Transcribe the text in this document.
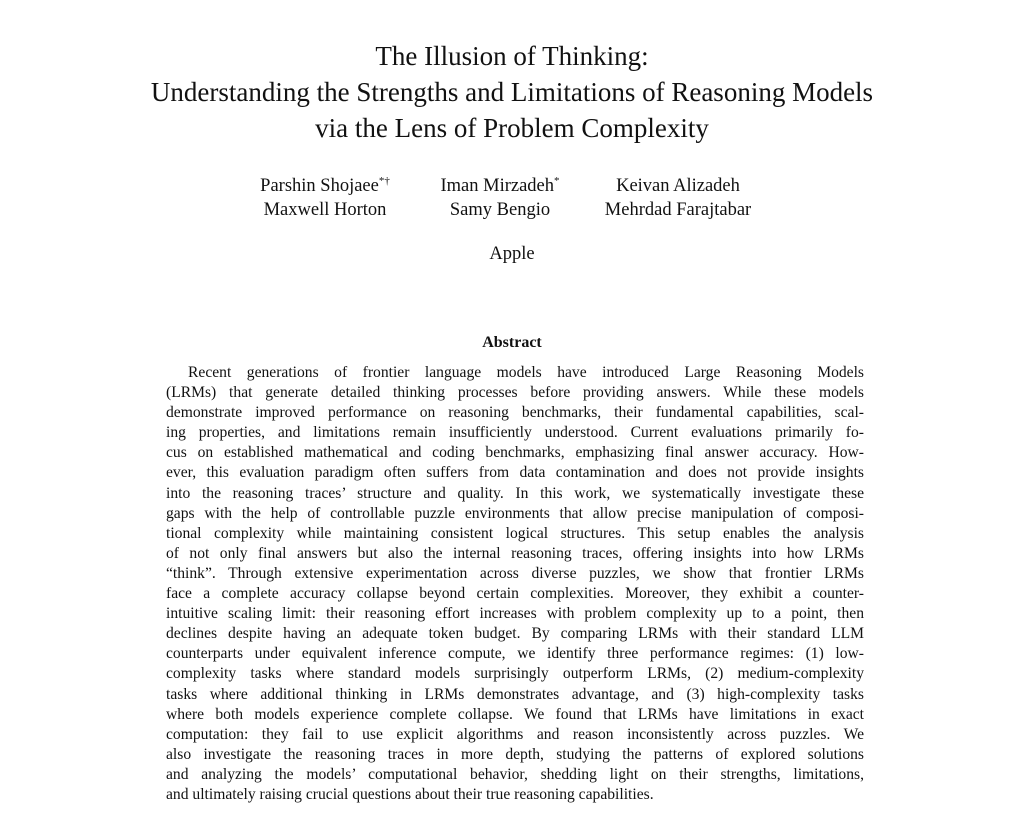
The Illusion of Thinking:
Understanding the Strengths and Limitations of Reasoning Models
via the Lens of Problem Complexity
Parshin Shojaee*†	Iman Mirzadeh*	Keivan Alizadeh
Maxwell Horton	Samy Bengio	Mehrdad Farajtabar
Apple
Abstract
Recent generations of frontier language models have introduced Large Reasoning Models
(LRMs) that generate detailed thinking processes before providing answers. While these models
demonstrate improved performance on reasoning benchmarks, their fundamental capabilities, scal-
ing properties, and limitations remain insufficiently understood. Current evaluations primarily fo-
cus on established mathematical and coding benchmarks, emphasizing final answer accuracy. How-
ever, this evaluation paradigm often suffers from data contamination and does not provide insights
into the reasoning traces’ structure and quality. In this work, we systematically investigate these
gaps with the help of controllable puzzle environments that allow precise manipulation of composi-
tional complexity while maintaining consistent logical structures. This setup enables the analysis
of not only final answers but also the internal reasoning traces, offering insights into how LRMs
“think”. Through extensive experimentation across diverse puzzles, we show that frontier LRMs
face a complete accuracy collapse beyond certain complexities. Moreover, they exhibit a counter-
intuitive scaling limit: their reasoning effort increases with problem complexity up to a point, then
declines despite having an adequate token budget. By comparing LRMs with their standard LLM
counterparts under equivalent inference compute, we identify three performance regimes: (1) low-
complexity tasks where standard models surprisingly outperform LRMs, (2) medium-complexity
tasks where additional thinking in LRMs demonstrates advantage, and (3) high-complexity tasks
where both models experience complete collapse. We found that LRMs have limitations in exact
computation: they fail to use explicit algorithms and reason inconsistently across puzzles. We
also investigate the reasoning traces in more depth, studying the patterns of explored solutions
and analyzing the models’ computational behavior, shedding light on their strengths, limitations,
and ultimately raising crucial questions about their true reasoning capabilities.
